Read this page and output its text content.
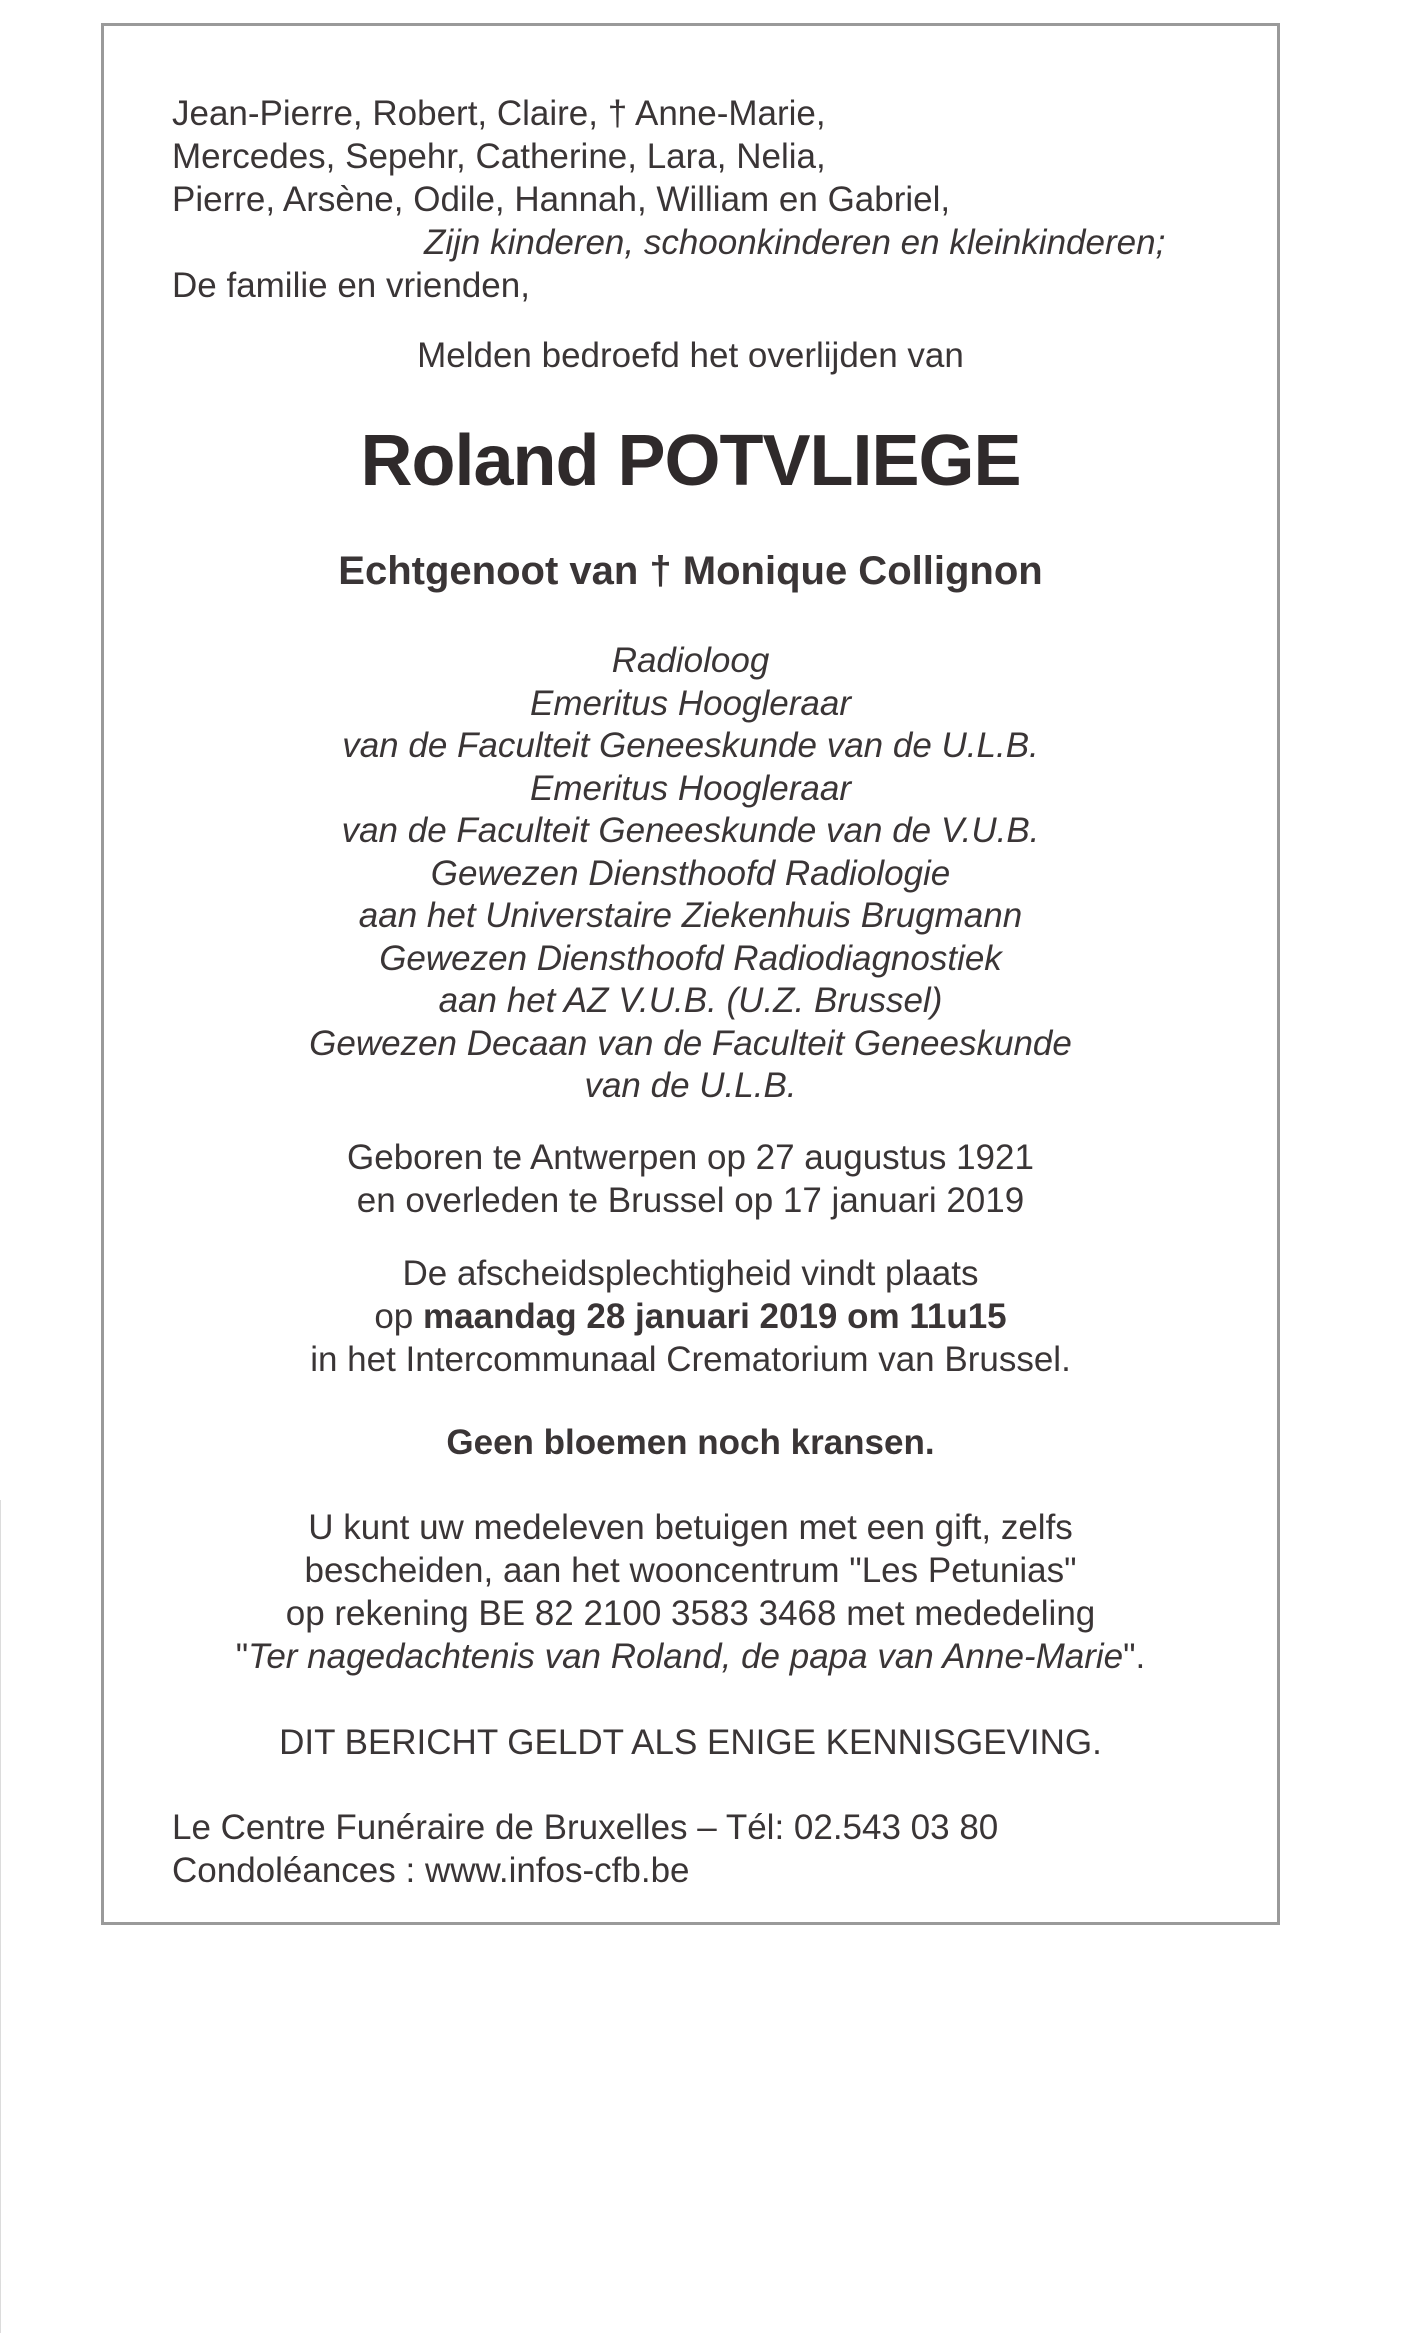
Jean-Pierre, Robert, Claire, † Anne-Marie,
Mercedes, Sepehr, Catherine, Lara, Nelia,
Pierre, Arsène, Odile, Hannah, William en Gabriel,
Zijn kinderen, schoonkinderen en kleinkinderen;
De familie en vrienden,
Melden bedroefd het overlijden van
Roland POTVLIEGE
Echtgenoot van † Monique Collignon
Radioloog
Emeritus Hoogleraar
van de Faculteit Geneeskunde van de U.L.B.
Emeritus Hoogleraar
van de Faculteit Geneeskunde van de V.U.B.
Gewezen Diensthoofd Radiologie
aan het Universtaire Ziekenhuis Brugmann
Gewezen Diensthoofd Radiodiagnostiek
aan het AZ V.U.B. (U.Z. Brussel)
Gewezen Decaan van de Faculteit Geneeskunde
van de U.L.B.
Geboren te Antwerpen op 27 augustus 1921
en overleden te Brussel op 17 januari 2019
De afscheidsplechtigheid vindt plaats
op maandag 28 januari 2019 om 11u15
in het Intercommunaal Crematorium van Brussel.
Geen bloemen noch kransen.
U kunt uw medeleven betuigen met een gift, zelfs
bescheiden, aan het wooncentrum "Les Petunias"
op rekening BE 82 2100 3583 3468 met mededeling
"Ter nagedachtenis van Roland, de papa van Anne-Marie".
DIT BERICHT GELDT ALS ENIGE KENNISGEVING.
Le Centre Funéraire de Bruxelles – Tél: 02.543 03 80
Condoléances : www.infos-cfb.be
